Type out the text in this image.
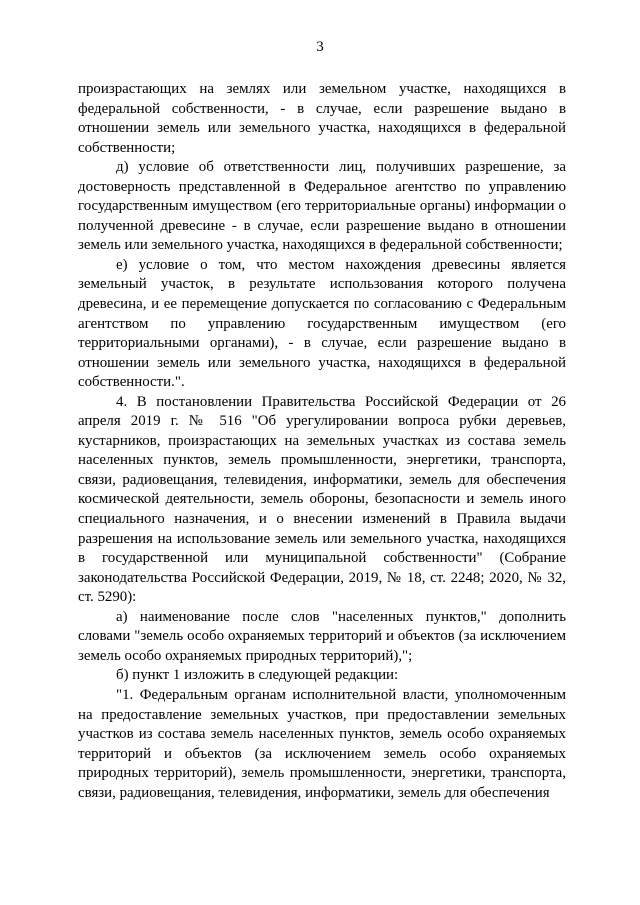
3

произрастающих на землях или земельном участке, находящихся в федеральной собственности, - в случае, если разрешение выдано в отношении земель или земельного участка, находящихся в федеральной собственности;

д) условие об ответственности лиц, получивших разрешение, за достоверность представленной в Федеральное агентство по управлению государственным имуществом (его территориальные органы) информации о полученной древесине - в случае, если разрешение выдано в отношении земель или земельного участка, находящихся в федеральной собственности;

е) условие о том, что местом нахождения древесины является земельный участок, в результате использования которого получена древесина, и ее перемещение допускается по согласованию с Федеральным агентством по управлению государственным имуществом (его территориальными органами), - в случае, если разрешение выдано в отношении земель или земельного участка, находящихся в федеральной собственности.".

4. В постановлении Правительства Российской Федерации от 26 апреля 2019 г. № 516 "Об урегулировании вопроса рубки деревьев, кустарников, произрастающих на земельных участках из состава земель населенных пунктов, земель промышленности, энергетики, транспорта, связи, радиовещания, телевидения, информатики, земель для обеспечения космической деятельности, земель обороны, безопасности и земель иного специального назначения, и о внесении изменений в Правила выдачи разрешения на использование земель или земельного участка, находящихся в государственной или муниципальной собственности" (Собрание законодательства Российской Федерации, 2019, № 18, ст. 2248; 2020, № 32, ст. 5290):

а) наименование после слов "населенных пунктов," дополнить словами "земель особо охраняемых территорий и объектов (за исключением земель особо охраняемых природных территорий),";

б) пункт 1 изложить в следующей редакции:

"1. Федеральным органам исполнительной власти, уполномоченным на предоставление земельных участков, при предоставлении земельных участков из состава земель населенных пунктов, земель особо охраняемых территорий и объектов (за исключением земель особо охраняемых природных территорий), земель промышленности, энергетики, транспорта, связи, радиовещания, телевидения, информатики, земель для обеспечения
